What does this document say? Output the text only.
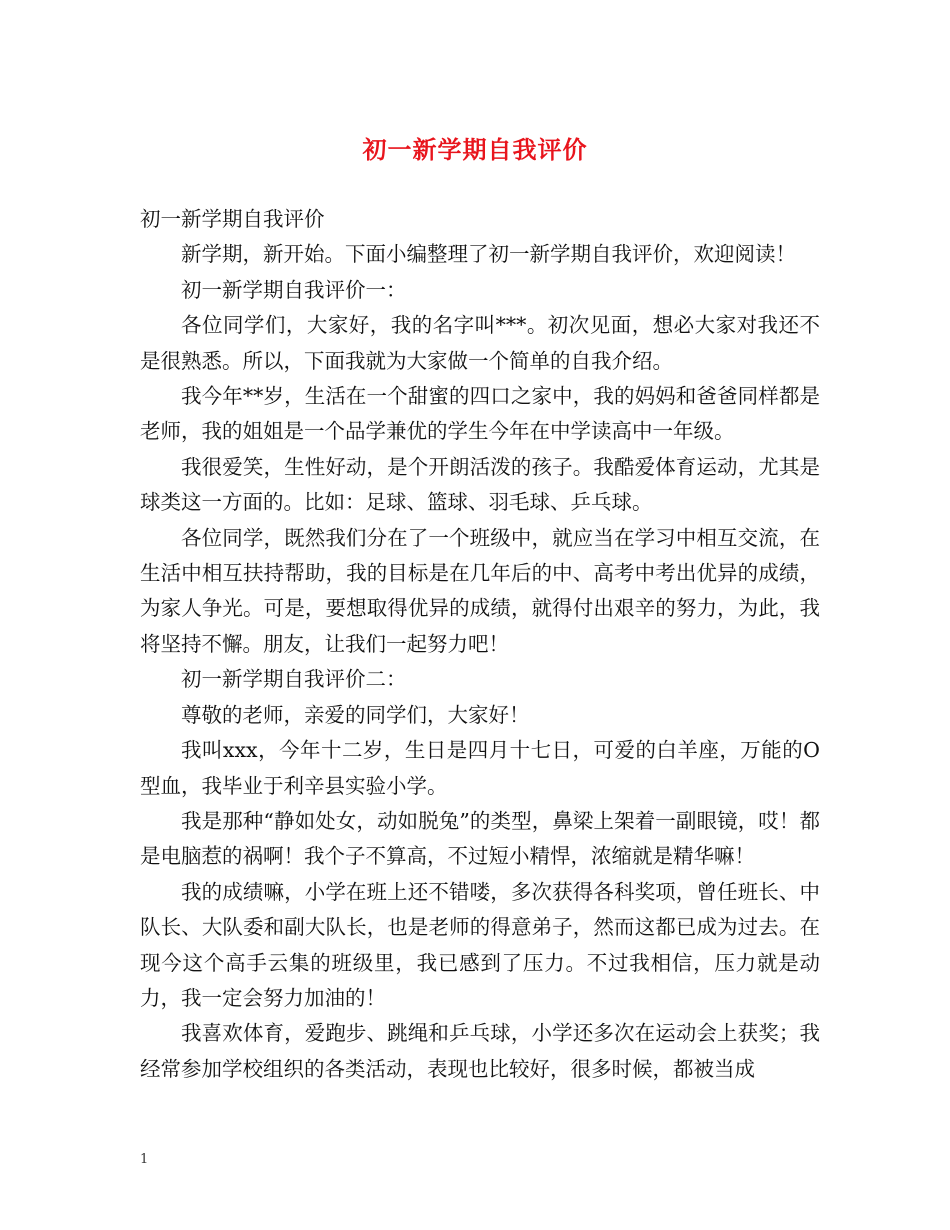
初一新学期自我评价

初一新学期自我评价

新学期，新开始。下面小编整理了初一新学期自我评价，欢迎阅读！

初一新学期自我评价一：

各位同学们，大家好，我的名字叫***。初次见面，想必大家对我还不是很熟悉。所以，下面我就为大家做一个简单的自我介绍。

我今年**岁，生活在一个甜蜜的四口之家中，我的妈妈和爸爸同样都是老师，我的姐姐是一个品学兼优的学生今年在中学读高中一年级。

我很爱笑，生性好动，是个开朗活泼的孩子。我酷爱体育运动，尤其是球类这一方面的。比如：足球、篮球、羽毛球、乒乓球。

各位同学，既然我们分在了一个班级中，就应当在学习中相互交流，在生活中相互扶持帮助，我的目标是在几年后的中、高考中考出优异的成绩，为家人争光。可是，要想取得优异的成绩，就得付出艰辛的努力，为此，我将坚持不懈。朋友，让我们一起努力吧！

初一新学期自我评价二：

尊敬的老师，亲爱的同学们，大家好！

我叫xxx，今年十二岁，生日是四月十七日，可爱的白羊座，万能的O型血，我毕业于利辛县实验小学。

我是那种“静如处女，动如脱兔”的类型，鼻梁上架着一副眼镜，哎！都是电脑惹的祸啊！我个子不算高，不过短小精悍，浓缩就是精华嘛！

我的成绩嘛，小学在班上还不错喽，多次获得各科奖项，曾任班长、中队长、大队委和副大队长，也是老师的得意弟子，然而这都已成为过去。在现今这个高手云集的班级里，我已感到了压力。不过我相信，压力就是动力，我一定会努力加油的！

我喜欢体育，爱跑步、跳绳和乒乓球，小学还多次在运动会上获奖；我经常参加学校组织的各类活动，表现也比较好，很多时候，都被当成

1
